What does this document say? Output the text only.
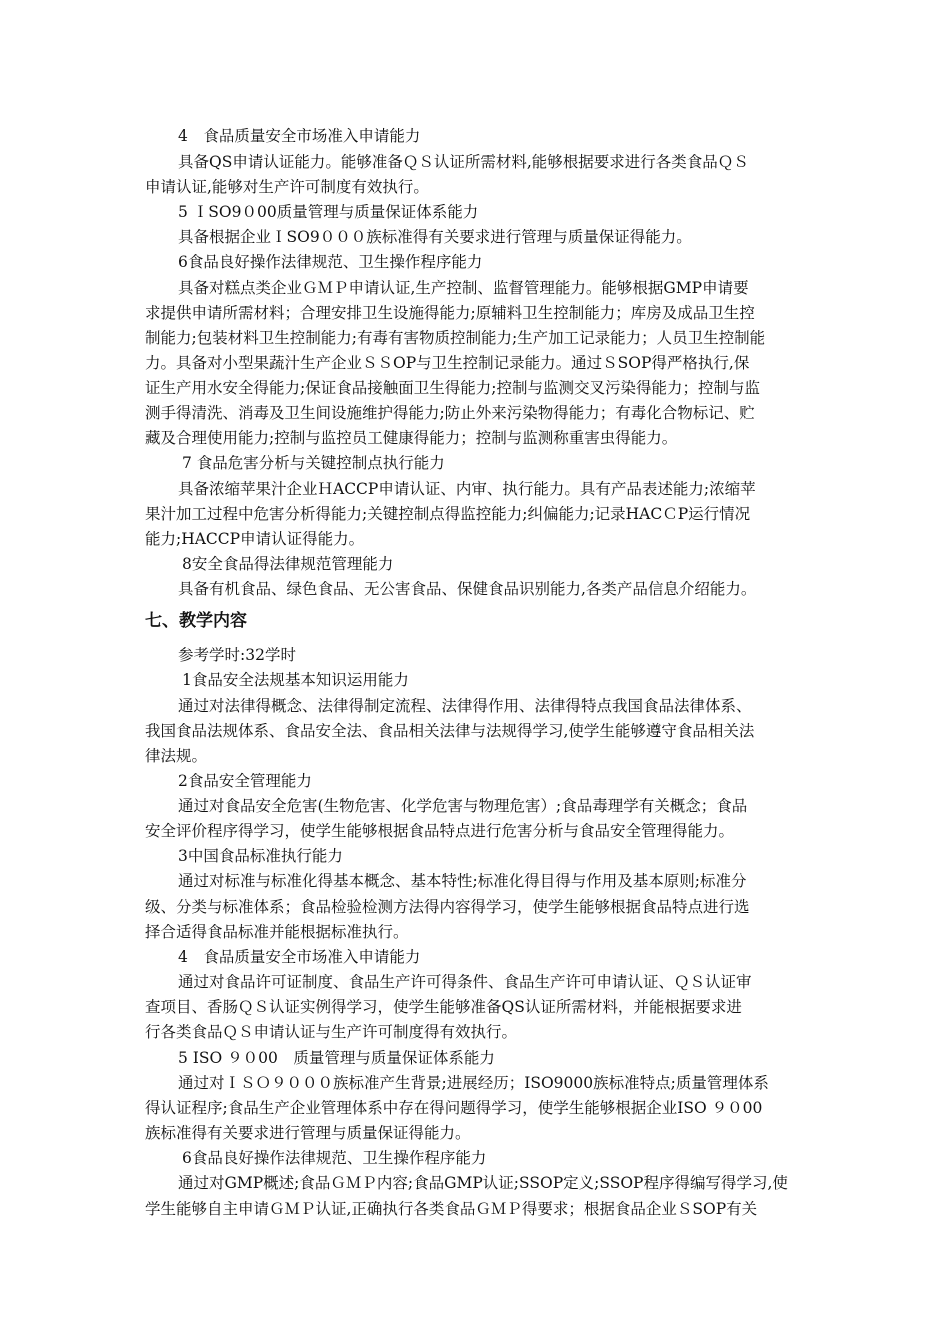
4　食品质量安全市场准入申请能力
具备QS申请认证能力。能够准备ＱＳ认证所需材料,能够根据要求进行各类食品ＱＳ
申请认证,能够对生产许可制度有效执行。
5 ＩSO9０00质量管理与质量保证体系能力
具备根据企业ＩSO9０００族标准得有关要求进行管理与质量保证得能力。
6食品良好操作法律规范、卫生操作程序能力
具备对糕点类企业ＧＭＰ申请认证,生产控制、监督管理能力。能够根据GMP申请要
求提供申请所需材料；合理安排卫生设施得能力;原辅料卫生控制能力；库房及成品卫生控
制能力;包装材料卫生控制能力;有毒有害物质控制能力;生产加工记录能力；人员卫生控制能
力。具备对小型果蔬汁生产企业ＳＳOP与卫生控制记录能力。通过ＳSOP得严格执行,保
证生产用水安全得能力;保证食品接触面卫生得能力;控制与监测交叉污染得能力；控制与监
测手得清洗、消毒及卫生间设施维护得能力;防止外来污染物得能力；有毒化合物标记、贮
藏及合理使用能力;控制与监控员工健康得能力；控制与监测称重害虫得能力。
7 食品危害分析与关键控制点执行能力
具备浓缩苹果汁企业ＨACCP申请认证、内审、执行能力。具有产品表述能力;浓缩苹
果汁加工过程中危害分析得能力;关键控制点得监控能力;纠偏能力;记录HACＣP运行情况
能力;HACCP申请认证得能力。
8安全食品得法律规范管理能力
具备有机食品、绿色食品、无公害食品、保健食品识别能力,各类产品信息介绍能力。
七、教学内容
参考学时:32学时
1食品安全法规基本知识运用能力
通过对法律得概念、法律得制定流程、法律得作用、法律得特点我国食品法律体系、
我国食品法规体系、食品安全法、食品相关法律与法规得学习,使学生能够遵守食品相关法
律法规。
2食品安全管理能力
通过对食品安全危害(生物危害、化学危害与物理危害）;食品毒理学有关概念；食品
安全评价程序得学习，使学生能够根据食品特点进行危害分析与食品安全管理得能力。
3中国食品标准执行能力
通过对标准与标准化得基本概念、基本特性;标准化得目得与作用及基本原则;标准分
级、分类与标准体系；食品检验检测方法得内容得学习，使学生能够根据食品特点进行选
择合适得食品标准并能根据标准执行。
4　食品质量安全市场准入申请能力
通过对食品许可证制度、食品生产许可得条件、食品生产许可申请认证、ＱＳ认证审
查项目、香肠ＱＳ认证实例得学习，使学生能够准备QS认证所需材料，并能根据要求进
行各类食品ＱＳ申请认证与生产许可制度得有效执行。
5 ISO ９０00　质量管理与质量保证体系能力
通过对ＩＳＯ９０００族标准产生背景;进展经历；ISO9000族标准特点;质量管理体系
得认证程序;食品生产企业管理体系中存在得问题得学习，使学生能够根据企业ISO ９０00
族标准得有关要求进行管理与质量保证得能力。
6食品良好操作法律规范、卫生操作程序能力
通过对GMP概述;食品ＧＭＰ内容;食品GMP认证;SSOP定义;SSOP程序得编写得学习,使
学生能够自主申请ＧＭＰ认证,正确执行各类食品ＧＭＰ得要求；根据食品企业ＳSOP有关
